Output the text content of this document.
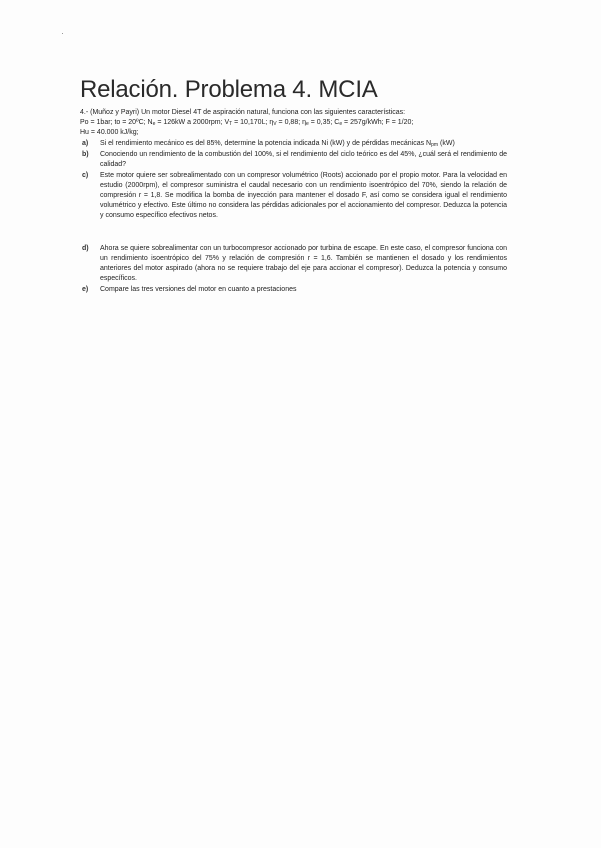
Relación. Problema 4. MCIA

4.- (Muñoz y Payri) Un motor Diesel 4T de aspiración natural, funciona con las siguientes características:
Po = 1bar; to = 20ºC; $N_e = 126kW$ a 2000rpm; $V_T = 10,170L$; $\eta_V = 0,88$; $\eta_e = 0,35$; $C_e = 257g/kWh$; F = 1/20;
Hu = 40.000 kJ/kg;

a)	Si el rendimiento mecánico es del 85%, determine la potencia indicada Ni (kW) y de pérdidas mecánicas $N_{pm}$ (kW)
b)	Conociendo un rendimiento de la combustión del 100%, si el rendimiento del ciclo teórico es del 45%, ¿cuál será el rendimiento de calidad?
c)	Este motor quiere ser sobrealimentado con un compresor volumétrico (Roots) accionado por el propio motor. Para la velocidad en estudio (2000rpm), el compresor suministra el caudal necesario con un rendimiento isoentrópico del 70%, siendo la relación de compresión r = 1,8. Se modifica la bomba de inyección para mantener el dosado F, así como se considera igual el rendimiento volumétrico y efectivo. Este último no considera las pérdidas adicionales por el accionamiento del compresor. Deduzca la potencia y consumo específico efectivos netos.
d)	Ahora se quiere sobrealimentar con un turbocompresor accionado por turbina de escape. En este caso, el compresor funciona con un rendimiento isoentrópico del 75% y relación de compresión r = 1,6. También se mantienen el dosado y los rendimientos anteriores del motor aspirado (ahora no se requiere trabajo del eje para accionar el compresor). Deduzca la potencia y consumo específicos.
e)	Compare las tres versiones del motor en cuanto a prestaciones
